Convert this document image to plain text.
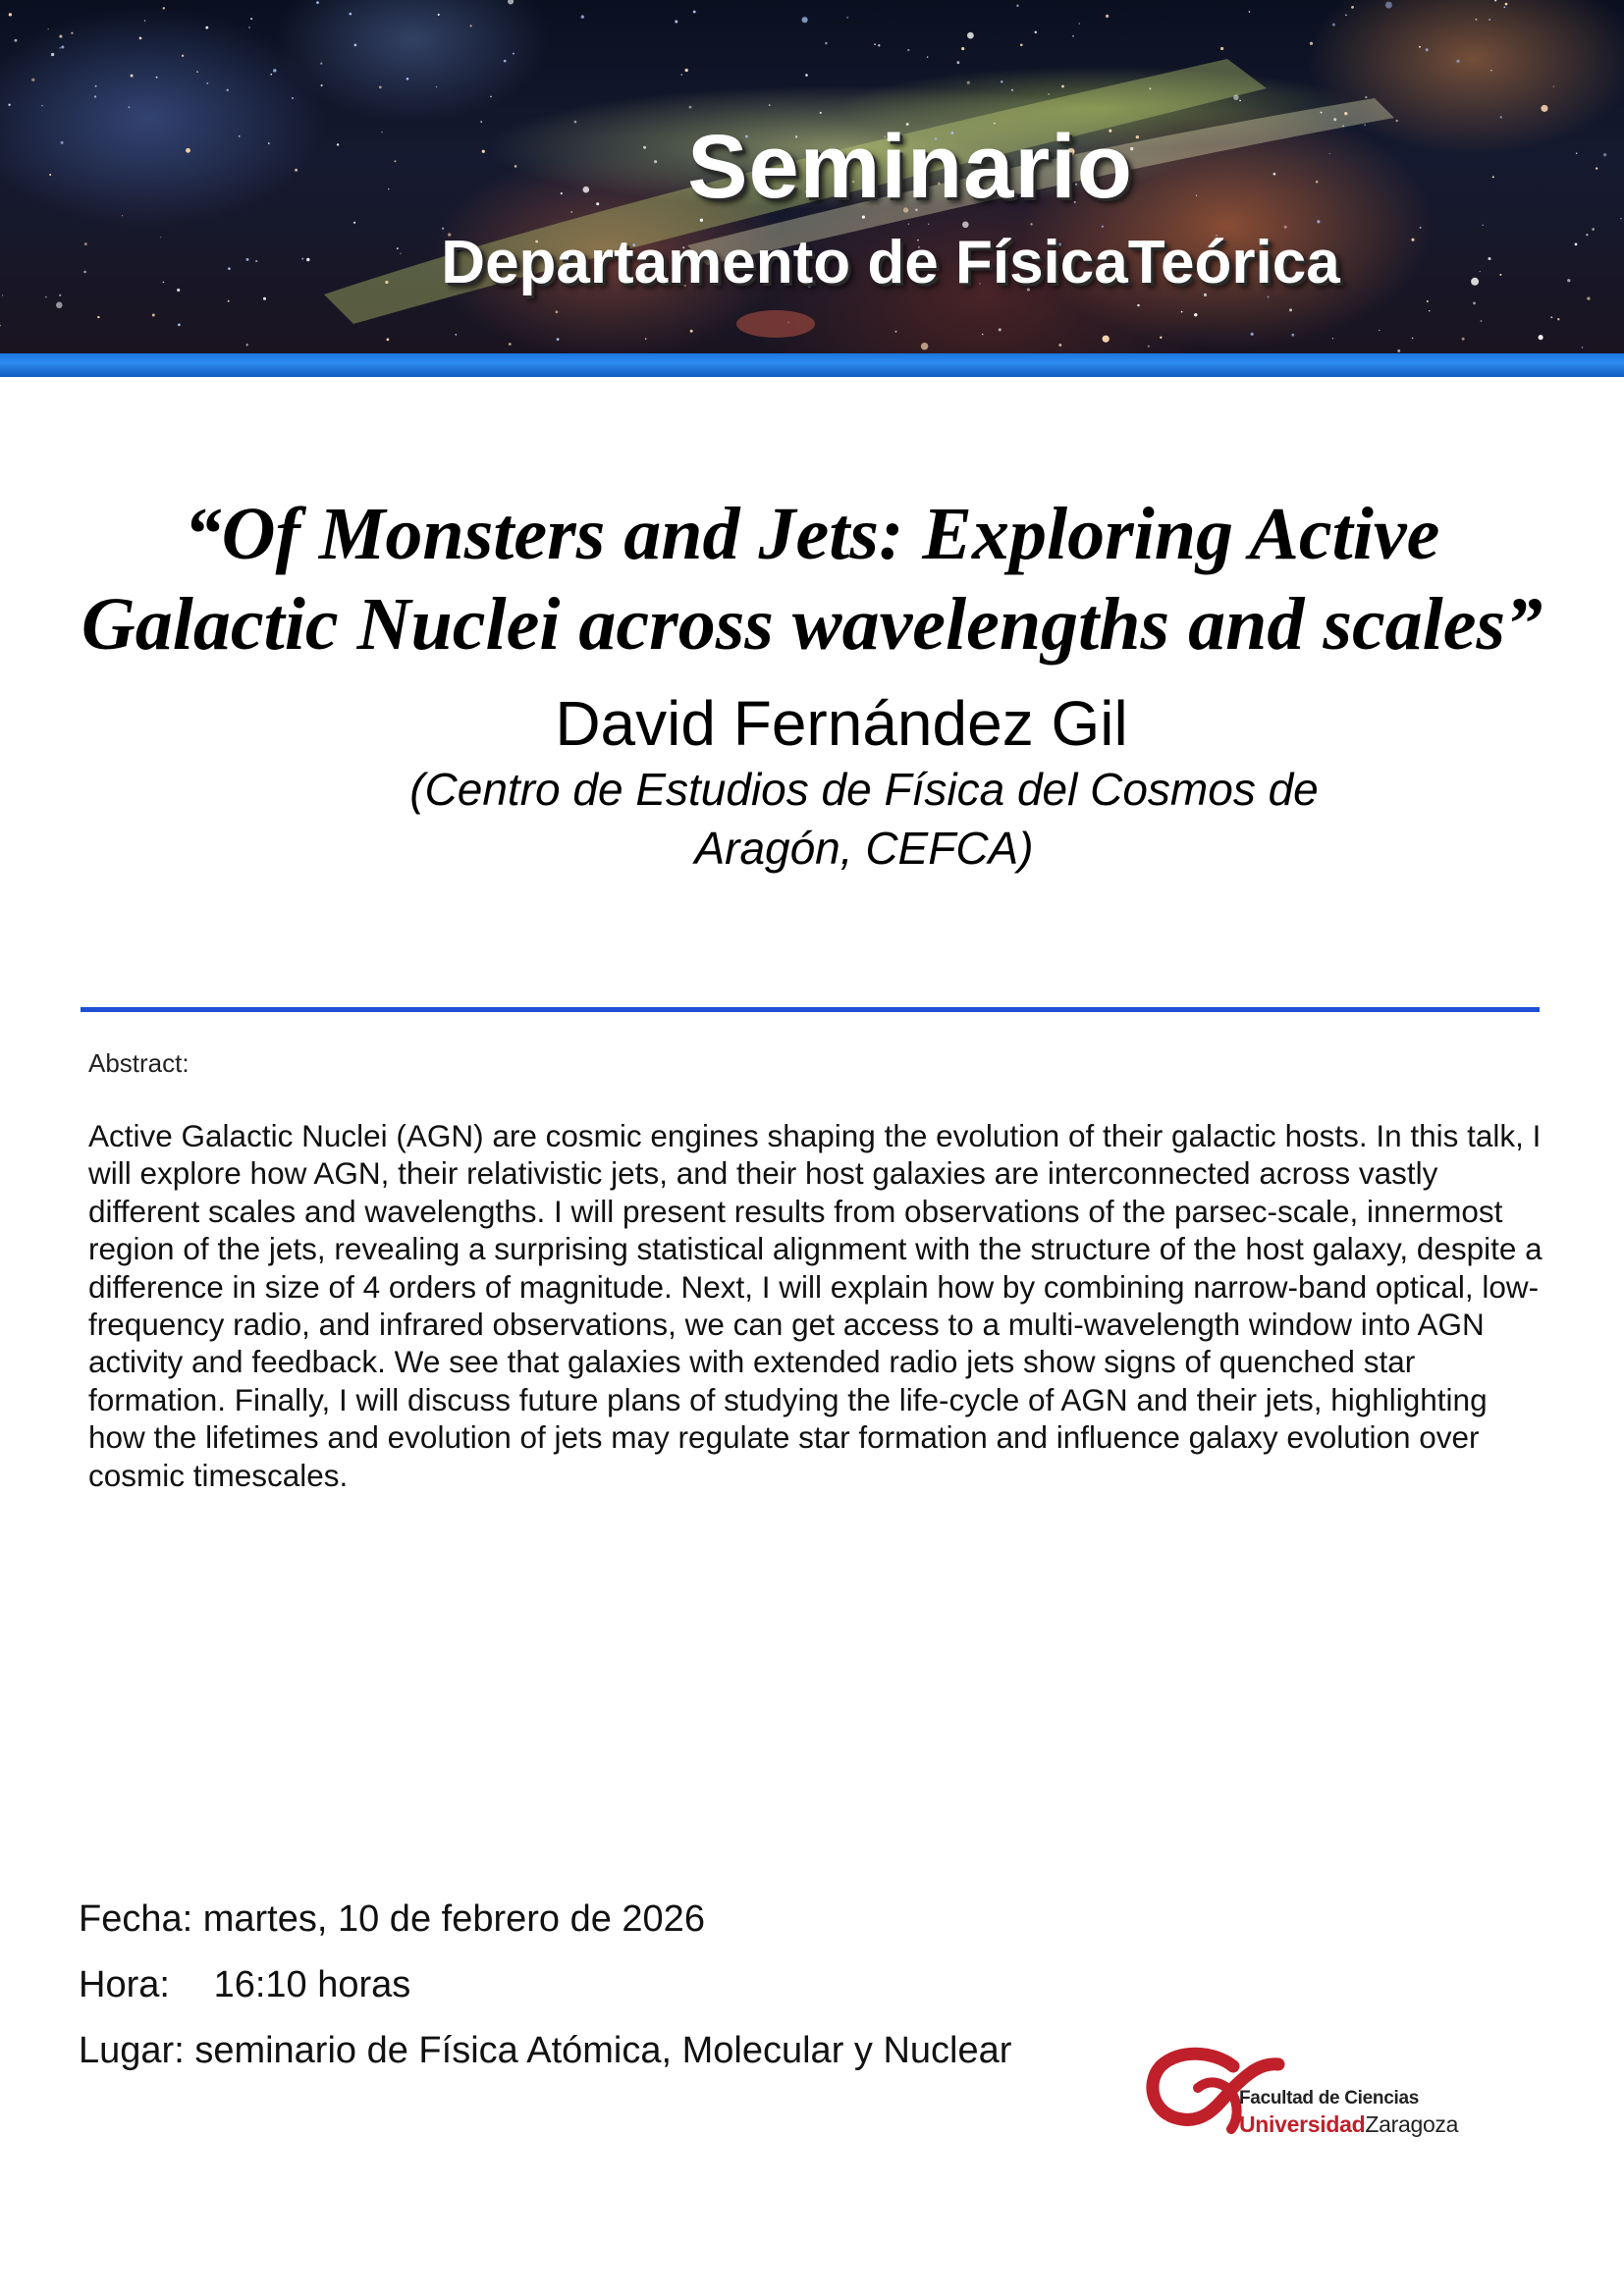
Seminario
Departamento de FísicaTeórica
“Of Monsters and Jets: Exploring Active Galactic Nuclei across wavelengths and scales”
David Fernández Gil
(Centro de Estudios de Física del Cosmos de Aragón, CEFCA)
Abstract:
Active Galactic Nuclei (AGN) are cosmic engines shaping the evolution of their galactic hosts. In this talk, I will explore how AGN, their relativistic jets, and their host galaxies are interconnected across vastly different scales and wavelengths. I will present results from observations of the parsec-scale, innermost region of the jets, revealing a surprising statistical alignment with the structure of the host galaxy, despite a difference in size of 4 orders of magnitude. Next, I will explain how by combining narrow-band optical, low-frequency radio, and infrared observations, we can get access to a multi-wavelength window into AGN activity and feedback. We see that galaxies with extended radio jets show signs of quenched star formation. Finally, I will discuss future plans of studying the life-cycle of AGN and their jets, highlighting how the lifetimes and evolution of jets may regulate star formation and influence galaxy evolution over cosmic timescales.
Fecha: martes, 10 de febrero de 2026
Hora: 16:10 horas
Lugar: seminario de Física Atómica, Molecular y Nuclear
Facultad de Ciencias
UniversidadZaragoza
